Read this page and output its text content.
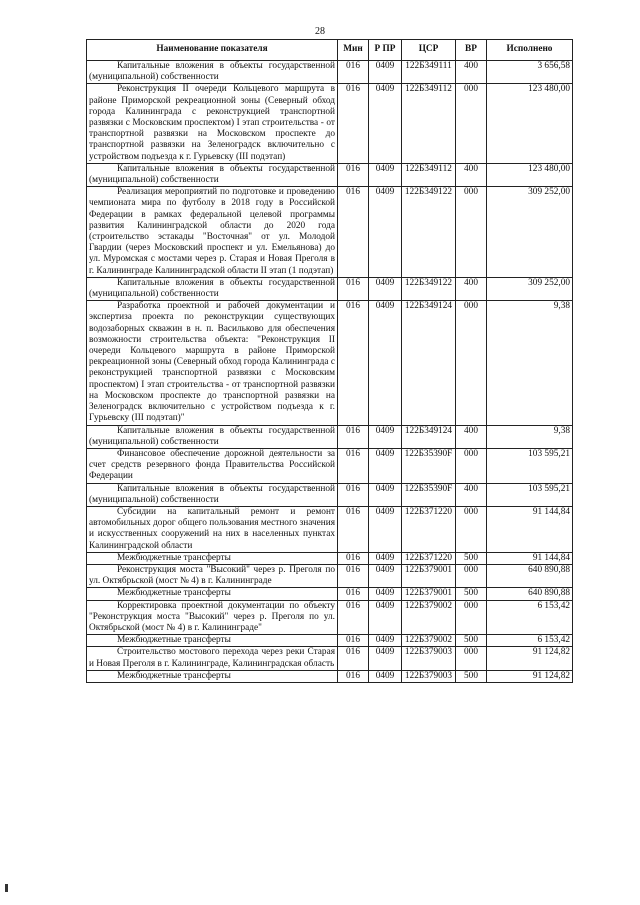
28
Наименование показателя	Мин	Р ПР	ЦСР	ВР	Исполнено
Капитальные вложения в объекты государственной (муниципальной) собственности	016	0409	122Б349111	400	3 656,58
Реконструкция II очереди Кольцевого маршрута в районе Приморской рекреационной зоны (Северный обход города Калининграда с реконструкцией транспортной развязки с Московским проспектом) I этап строительства - от транспортной развязки на Московском проспекте до транспортной развязки на Зеленоградск включительно с устройством подъезда к г. Гурьевску (III подэтап)	016	0409	122Б349112	000	123 480,00
Капитальные вложения в объекты государственной (муниципальной) собственности	016	0409	122Б349112	400	123 480,00
Реализация мероприятий по подготовке и проведению чемпионата мира по футболу в 2018 году в Российской Федерации в рамках федеральной целевой программы развития Калининградской области до 2020 года (строительство эстакады "Восточная" от ул. Молодой Гвардии (через Московский проспект и ул. Емельянова) до ул. Муромская с мостами через р. Старая и Новая Преголя в г. Калининграде Калининградской области II этап (1 подэтап)	016	0409	122Б349122	000	309 252,00
Капитальные вложения в объекты государственной (муниципальной) собственности	016	0409	122Б349122	400	309 252,00
Разработка проектной и рабочей документации и экспертиза проекта по реконструкции существующих водозаборных скважин в н. п. Васильково для обеспечения возможности строительства объекта: "Реконструкция II очереди Кольцевого маршрута в районе Приморской рекреационной зоны (Северный обход города Калининграда с реконструкцией транспортной развязки с Московским проспектом) I этап строительства - от транспортной развязки на Московском проспекте до транспортной развязки на Зеленоградск включительно с устройством подъезда к г. Гурьевску (III подэтап)"	016	0409	122Б349124	000	9,38
Капитальные вложения в объекты государственной (муниципальной) собственности	016	0409	122Б349124	400	9,38
Финансовое обеспечение дорожной деятельности за счет средств резервного фонда Правительства Российской Федерации	016	0409	122Б35390F	000	103 595,21
Капитальные вложения в объекты государственной (муниципальной) собственности	016	0409	122Б35390F	400	103 595,21
Субсидии на капитальный ремонт и ремонт автомобильных дорог общего пользования местного значения и искусственных сооружений на них в населенных пунктах Калининградской области	016	0409	122Б371220	000	91 144,84
Межбюджетные трансферты	016	0409	122Б371220	500	91 144,84
Реконструкция моста "Высокий" через р. Преголя по ул. Октябрьской (мост № 4) в г. Калининграде	016	0409	122Б379001	000	640 890,88
Межбюджетные трансферты	016	0409	122Б379001	500	640 890,88
Корректировка проектной документации по объекту "Реконструкция моста "Высокий" через р. Преголя по ул. Октябрьской (мост № 4) в г. Калининграде"	016	0409	122Б379002	000	6 153,42
Межбюджетные трансферты	016	0409	122Б379002	500	6 153,42
Строительство мостового перехода через реки Старая и Новая Преголя в г. Калининграде, Калининградская область	016	0409	122Б379003	000	91 124,82
Межбюджетные трансферты	016	0409	122Б379003	500	91 124,82
